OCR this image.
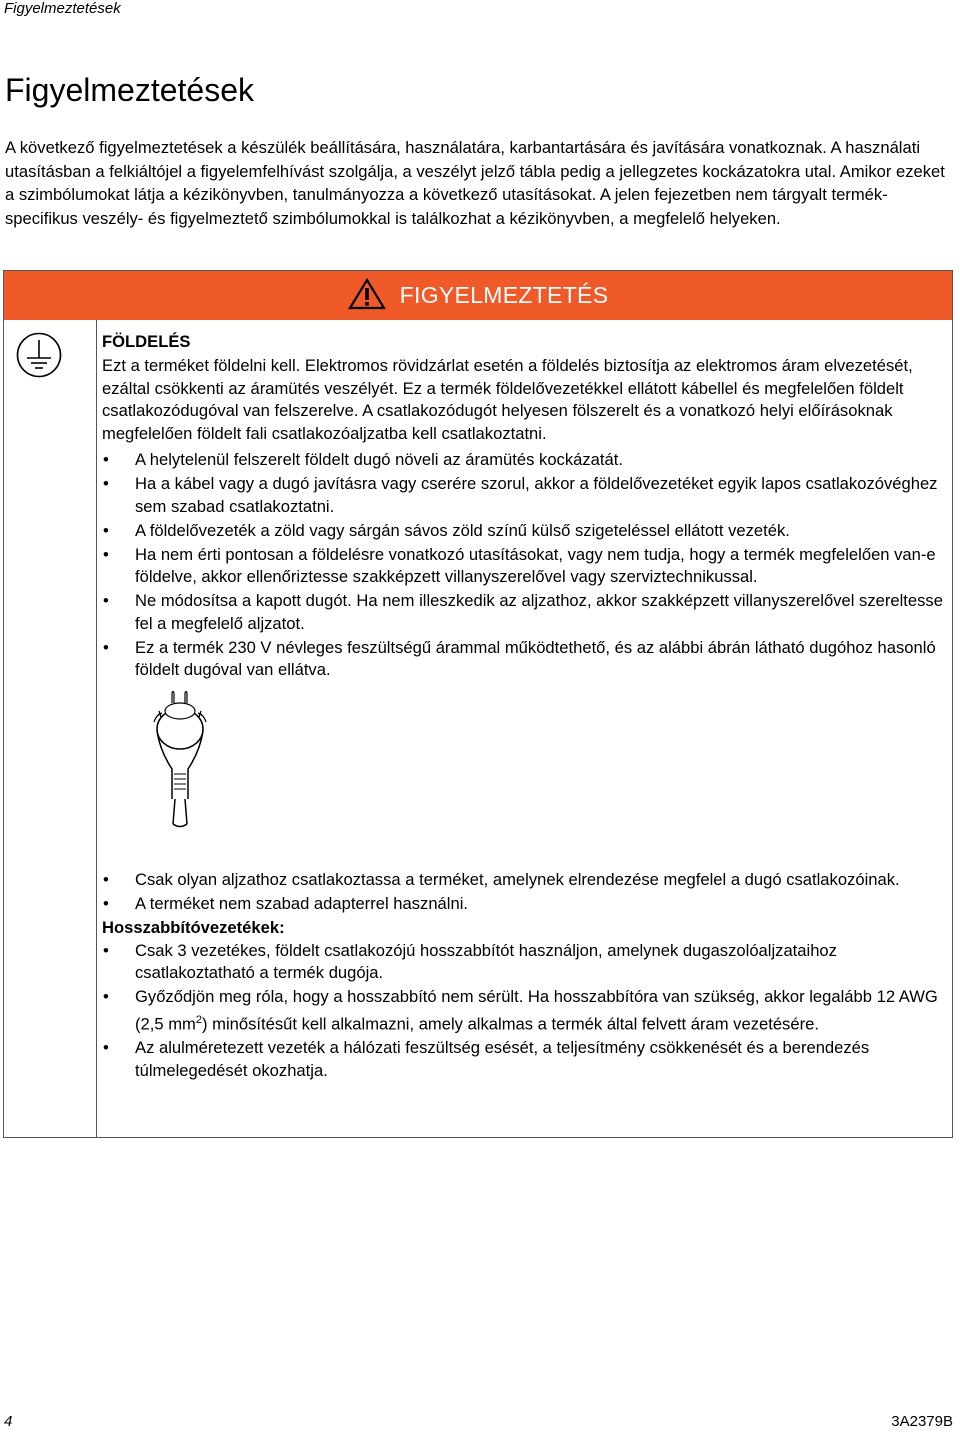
Figyelmeztetések
Figyelmeztetések

A következő figyelmeztetések a készülék beállítására, használatára, karbantartására és javítására vonatkoznak. A használati utasításban a felkiáltójel a figyelemfelhívást szolgálja, a veszélyt jelző tábla pedig a jellegzetes kockázatokra utal. Amikor ezeket a szimbólumokat látja a kézikönyvben, tanulmányozza a következő utasításokat. A jelen fejezetben nem tárgyalt termék-specifikus veszély- és figyelmeztető szimbólumokkal is találkozhat a kézikönyvben, a megfelelő helyeken.

FIGYELMEZTETÉS

FÖLDELÉS

Ezt a terméket földelni kell. Elektromos rövidzárlat esetén a földelés biztosítja az elektromos áram elvezetését, ezáltal csökkenti az áramütés veszélyét. Ez a termék földelővezetékkel ellátott kábellel és megfelelően földelt csatlakozódugóval van felszerelve. A csatlakozódugót helyesen fölszerelt és a vonatkozó helyi előírásoknak megfelelően földelt fali csatlakozóaljzatba kell csatlakoztatni.

• A helytelenül felszerelt földelt dugó növeli az áramütés kockázatát.
• Ha a kábel vagy a dugó javításra vagy cserére szorul, akkor a földelővezetéket egyik lapos csatlakozóvéghez sem szabad csatlakoztatni.
• A földelővezeték a zöld vagy sárgán sávos zöld színű külső szigeteléssel ellátott vezeték.
• Ha nem érti pontosan a földelésre vonatkozó utasításokat, vagy nem tudja, hogy a termék megfelelően van-e földelve, akkor ellenőriztesse szakképzett villanyszerelővel vagy szerviztechnikussal.
• Ne módosítsa a kapott dugót. Ha nem illeszkedik az aljzathoz, akkor szakképzett villanyszerelővel szereltesse fel a megfelelő aljzatot.
• Ez a termék 230 V névleges feszültségű árammal működtethető, és az alábbi ábrán látható dugóhoz hasonló földelt dugóval van ellátva.
• Csak olyan aljzathoz csatlakoztassa a terméket, amelynek elrendezése megfelel a dugó csatlakozóinak.
• A terméket nem szabad adapterrel használni.

Hosszabbítóvezetékek:

• Csak 3 vezetékes, földelt csatlakozójú hosszabbítót használjon, amelynek dugaszolóaljzataihoz csatlakoztatható a termék dugója.
• Győződjön meg róla, hogy a hosszabbító nem sérült. Ha hosszabbítóra van szükség, akkor legalább 12 AWG (2,5 $mm^2$) minősítésűt kell alkalmazni, amely alkalmas a termék által felvett áram vezetésére.
• Az alulméretezett vezeték a hálózati feszültség esését, a teljesítmény csökkenését és a berendezés túlmelegedését okozhatja.
4	3A2379B
